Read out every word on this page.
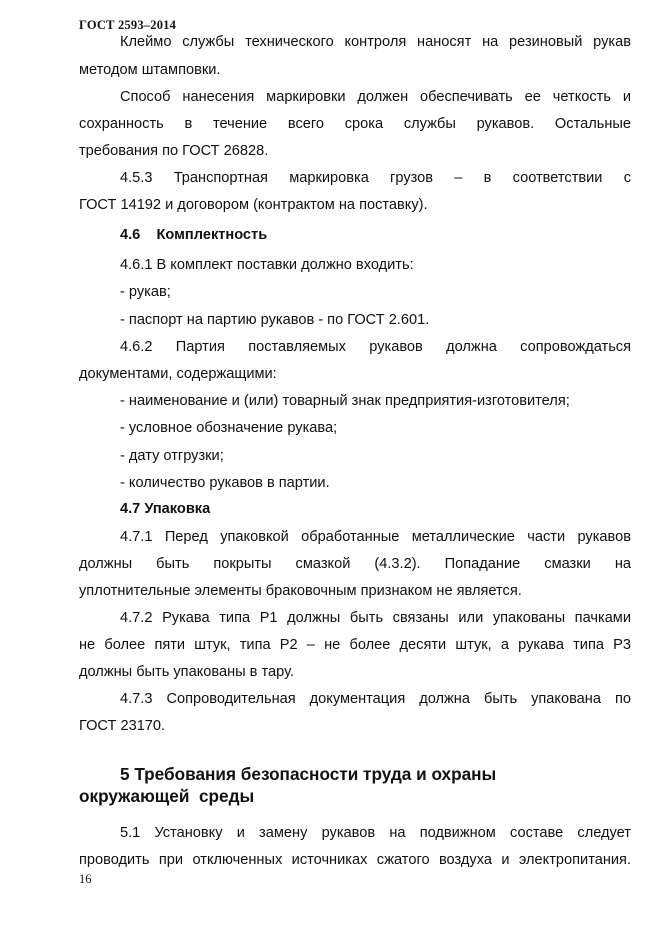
ГОСТ 2593–2014
Клеймо службы технического контроля наносят на резиновый рукав
методом штамповки.
Способ нанесения маркировки должен обеспечивать ее четкость и
сохранность в течение всего срока службы рукавов. Остальные
требования по ГОСТ 26828.
4.5.3 Транспортная маркировка грузов – в соответствии с
ГОСТ 14192 и договором (контрактом на поставку).
4.6    Комплектность
4.6.1 В комплект поставки должно входить:
- рукав;
- паспорт на партию рукавов - по ГОСТ 2.601.
4.6.2 Партия поставляемых рукавов должна сопровождаться
документами, содержащими:
- наименование и (или) товарный знак предприятия-изготовителя;
- условное обозначение рукава;
- дату отгрузки;
- количество рукавов в партии.
4.7 Упаковка
4.7.1 Перед упаковкой обработанные металлические части рукавов
должны быть покрыты смазкой (4.3.2). Попадание смазки на
уплотнительные элементы браковочным признаком не является.
4.7.2 Рукава типа Р1 должны быть связаны или упакованы пачками
не более пяти штук, типа Р2 – не более десяти штук, а рукава типа Р3
должны быть упакованы в тару.
4.7.3 Сопроводительная документация должна быть упакована по
ГОСТ 23170.
5 Требования безопасности труда и охраны
окружающей  среды
5.1 Установку и замену рукавов на подвижном составе следует
проводить при отключенных источниках сжатого воздуха и электропитания.
16
